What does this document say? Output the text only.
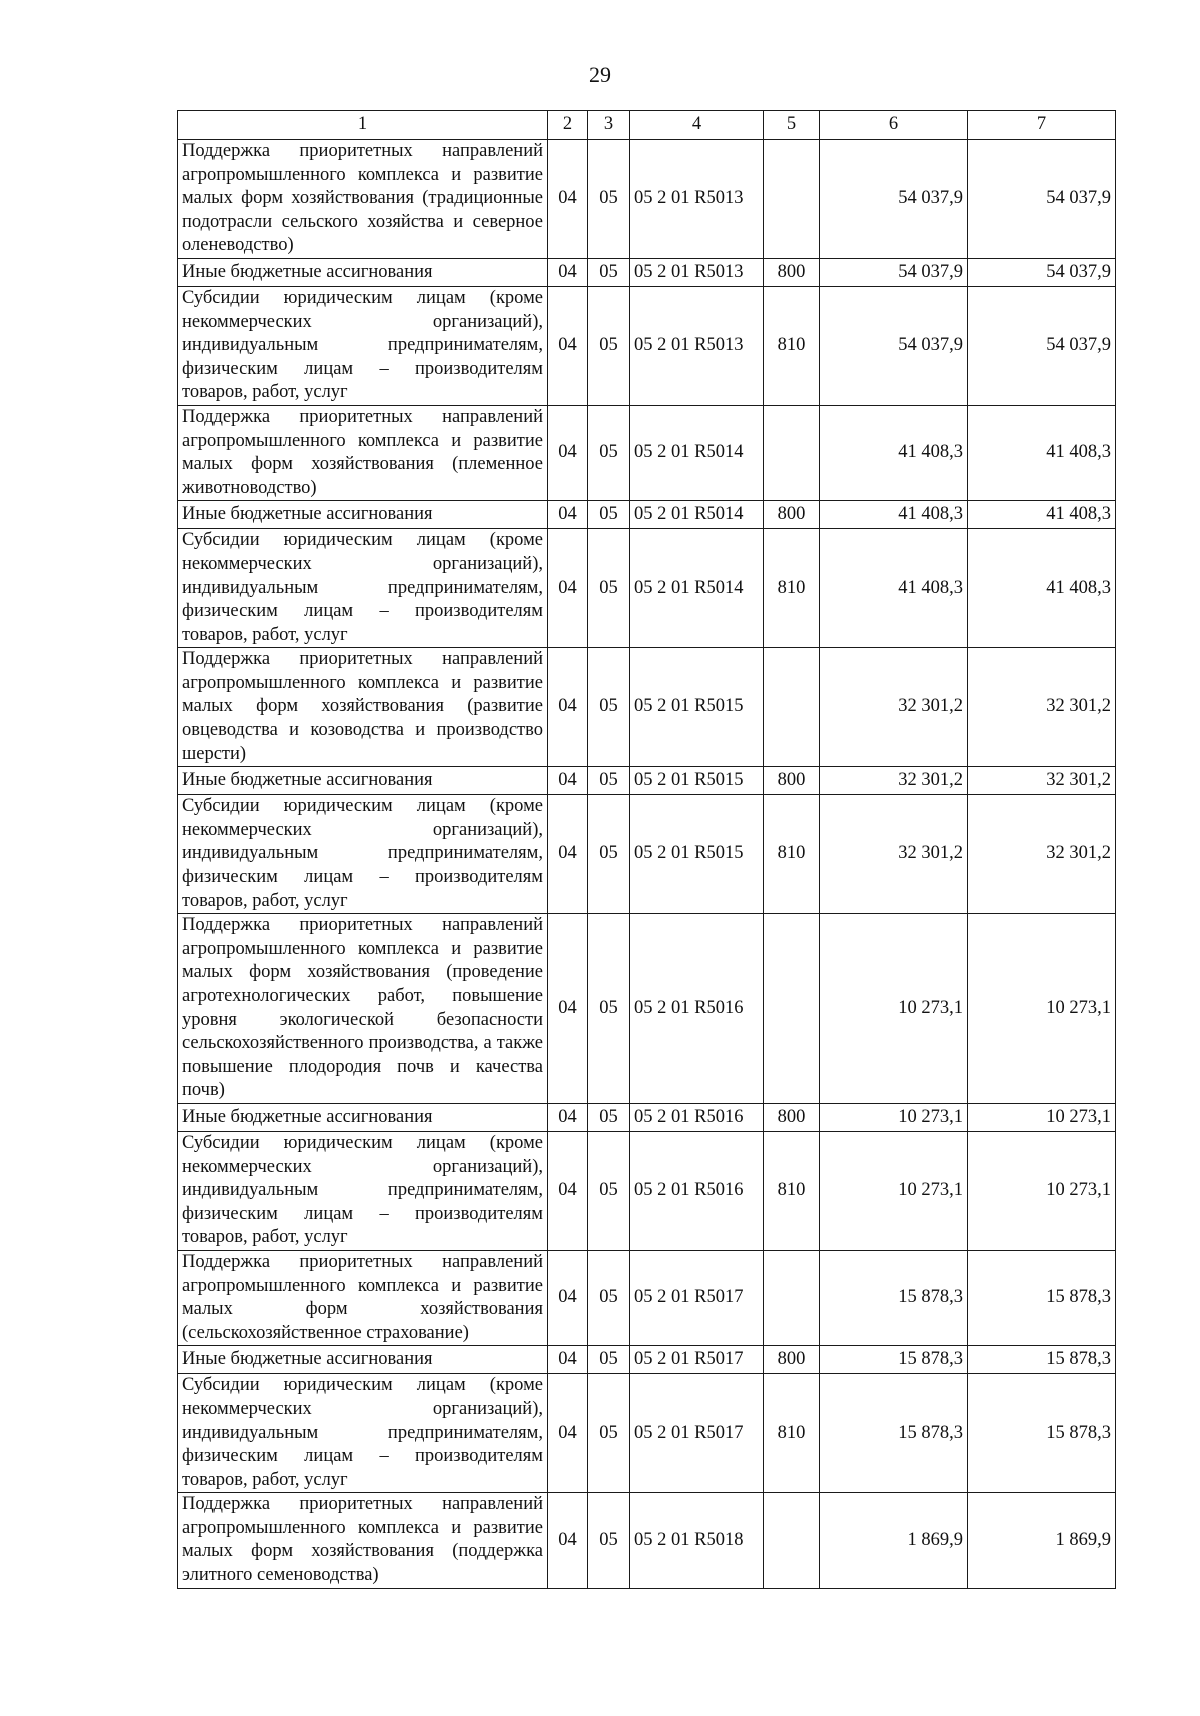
29
1	2	3	4	5	6	7
Поддержка приоритетных направлений агропромышленного комплекса и развитие малых форм хозяйствования (традиционные подотрасли сельского хозяйства и северное оленеводство)	04	05	05 2 01 R5013		54 037,9	54 037,9
Иные бюджетные ассигнования	04	05	05 2 01 R5013	800	54 037,9	54 037,9
Субсидии юридическим лицам (кроме некоммерческих организаций), индивидуальным предпринимателям, физическим лицам – производителям товаров, работ, услуг	04	05	05 2 01 R5013	810	54 037,9	54 037,9
Поддержка приоритетных направлений агропромышленного комплекса и развитие малых форм хозяйствования (племенное животноводство)	04	05	05 2 01 R5014		41 408,3	41 408,3
Иные бюджетные ассигнования	04	05	05 2 01 R5014	800	41 408,3	41 408,3
Субсидии юридическим лицам (кроме некоммерческих организаций), индивидуальным предпринимателям, физическим лицам – производителям товаров, работ, услуг	04	05	05 2 01 R5014	810	41 408,3	41 408,3
Поддержка приоритетных направлений агропромышленного комплекса и развитие малых форм хозяйствования (развитие овцеводства и козоводства и производство шерсти)	04	05	05 2 01 R5015		32 301,2	32 301,2
Иные бюджетные ассигнования	04	05	05 2 01 R5015	800	32 301,2	32 301,2
Субсидии юридическим лицам (кроме некоммерческих организаций), индивидуальным предпринимателям, физическим лицам – производителям товаров, работ, услуг	04	05	05 2 01 R5015	810	32 301,2	32 301,2
Поддержка приоритетных направлений агропромышленного комплекса и развитие малых форм хозяйствования (проведение агротехнологических работ, повышение уровня экологической безопасности сельскохозяйственного производства, а также повышение плодородия почв и качества почв)	04	05	05 2 01 R5016		10 273,1	10 273,1
Иные бюджетные ассигнования	04	05	05 2 01 R5016	800	10 273,1	10 273,1
Субсидии юридическим лицам (кроме некоммерческих организаций), индивидуальным предпринимателям, физическим лицам – производителям товаров, работ, услуг	04	05	05 2 01 R5016	810	10 273,1	10 273,1
Поддержка приоритетных направлений агропромышленного комплекса и развитие малых форм хозяйствования (сельскохозяйственное страхование)	04	05	05 2 01 R5017		15 878,3	15 878,3
Иные бюджетные ассигнования	04	05	05 2 01 R5017	800	15 878,3	15 878,3
Субсидии юридическим лицам (кроме некоммерческих организаций), индивидуальным предпринимателям, физическим лицам – производителям товаров, работ, услуг	04	05	05 2 01 R5017	810	15 878,3	15 878,3
Поддержка приоритетных направлений агропромышленного комплекса и развитие малых форм хозяйствования (поддержка элитного семеноводства)	04	05	05 2 01 R5018		1 869,9	1 869,9
